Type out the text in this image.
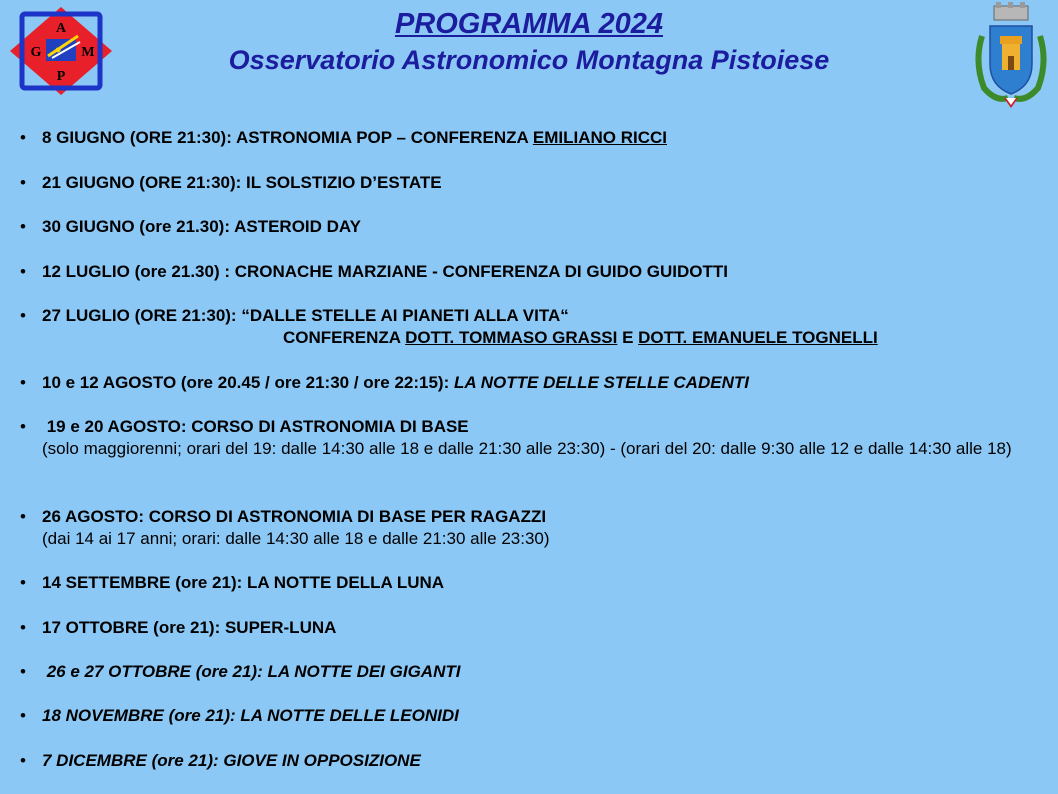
A
G	M
P
PROGRAMMA 2024
Osservatorio Astronomico Montagna Pistoiese
• 8 GIUGNO (ORE 21:30): ASTRONOMIA POP – CONFERENZA EMILIANO RICCI
• 21 GIUGNO (ORE 21:30): IL SOLSTIZIO D’ESTATE
• 30 GIUGNO (ore 21.30): ASTEROID DAY
• 12 LUGLIO (ore 21.30) : CRONACHE MARZIANE - CONFERENZA DI GUIDO GUIDOTTI
• 27 LUGLIO (ORE 21:30): “DALLE STELLE AI PIANETI ALLA VITA“
CONFERENZA DOTT. TOMMASO GRASSI E DOTT. EMANUELE TOGNELLI
• 10 e 12 AGOSTO (ore 20.45 / ore 21:30 / ore 22:15): LA NOTTE DELLE STELLE CADENTI
• 19 e 20 AGOSTO: CORSO DI ASTRONOMIA DI BASE
(solo maggiorenni; orari del 19: dalle 14:30 alle 18 e dalle 21:30 alle 23:30) - (orari del 20: dalle 9:30 alle 12 e dalle 14:30 alle 18)
• 26 AGOSTO: CORSO DI ASTRONOMIA DI BASE PER RAGAZZI
(dai 14 ai 17 anni; orari: dalle 14:30 alle 18 e dalle 21:30 alle 23:30)
• 14 SETTEMBRE (ore 21): LA NOTTE DELLA LUNA
• 17 OTTOBRE (ore 21): SUPER-LUNA
• 26 e 27 OTTOBRE (ore 21): LA NOTTE DEI GIGANTI
• 18 NOVEMBRE (ore 21): LA NOTTE DELLE LEONIDI
• 7 DICEMBRE (ore 21): GIOVE IN OPPOSIZIONE
